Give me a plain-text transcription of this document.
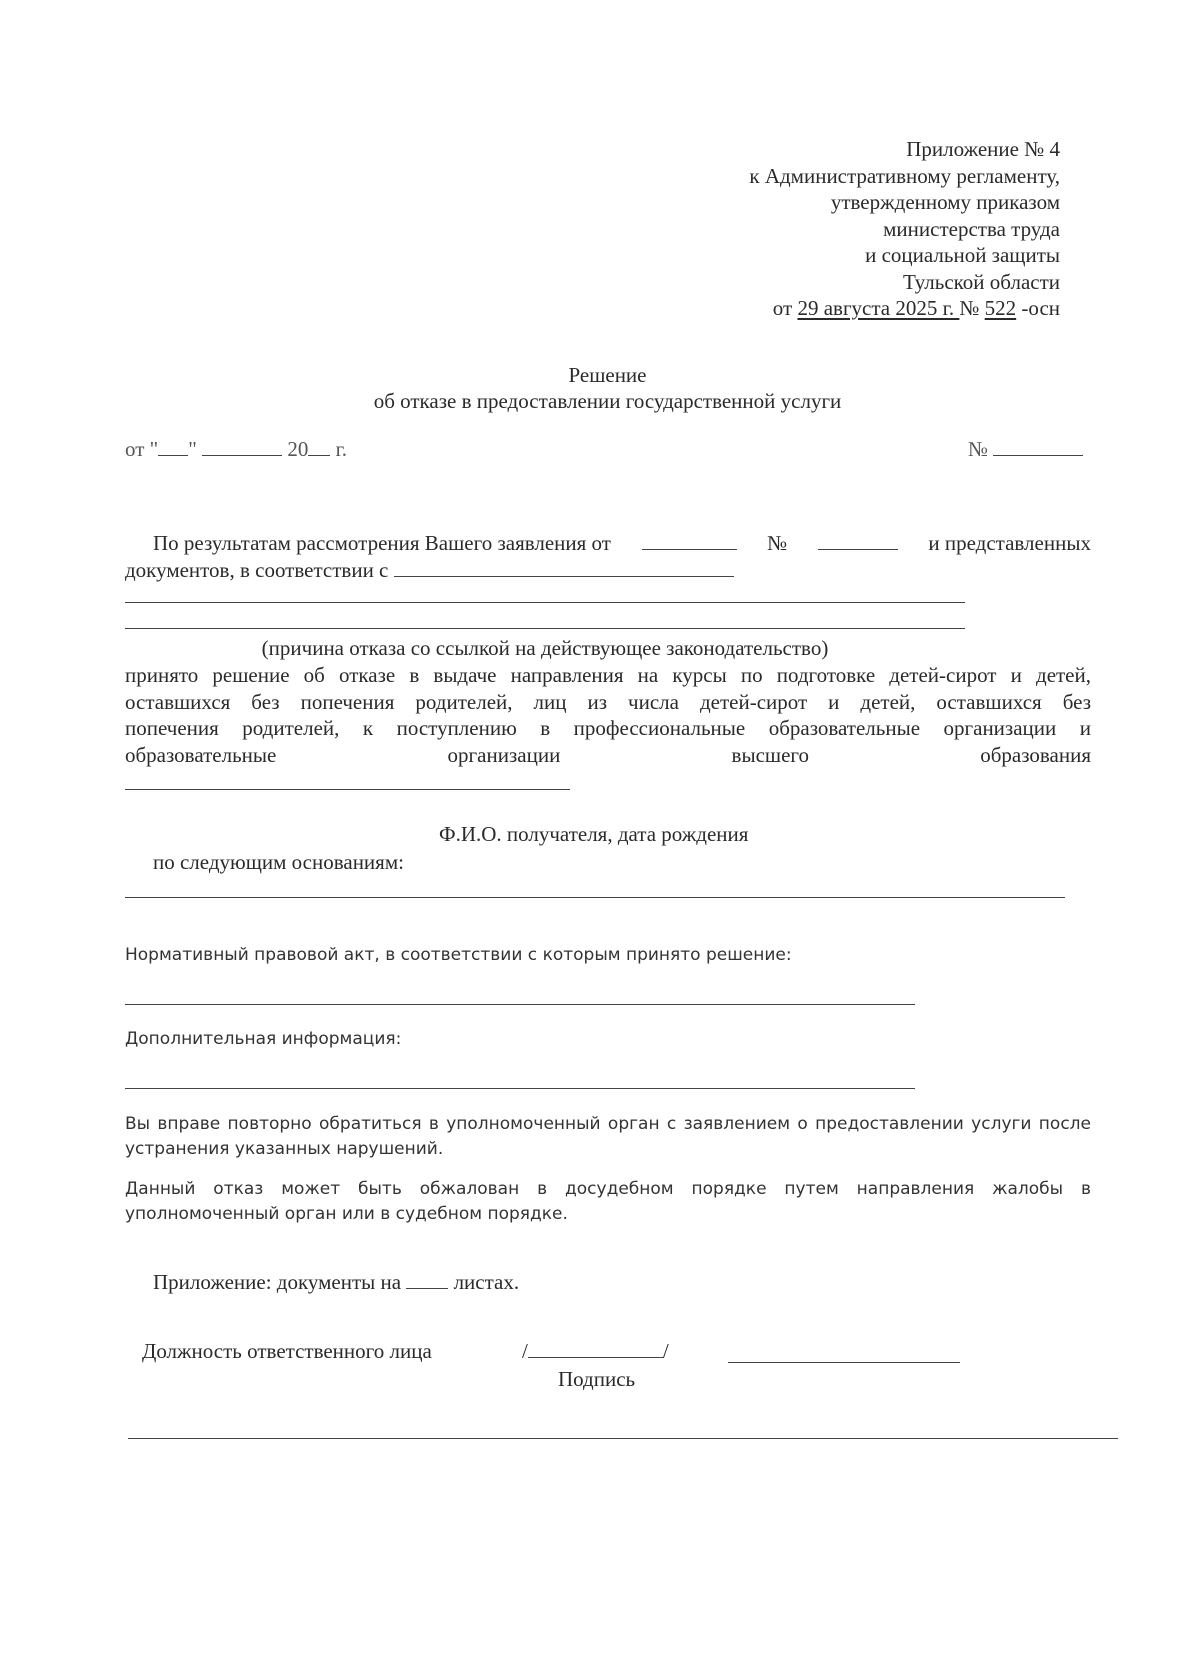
Приложение № 4
к Административному регламенту,
утвержденному приказом
министерства труда
и социальной защиты
Тульской области
от 29 августа 2025 г. № 522 -осн
Решение
об отказе в предоставлении государственной услуги
от " "	20 г.	№
По результатам рассмотрения Вашего заявления от	№	и представленных
документов, в соответствии с
(причина отказа со ссылкой на действующее законодательство)

принято решение об отказе в выдаче направления на курсы по подготовке детей-сирот и детей,

оставшихся без попечения родителей, лиц из числа детей-сирот и детей, оставшихся без

попечения родителей, к поступлению в профессиональные образовательные организации и

образовательные организации высшего образования

Ф.И.О. получателя, дата рождения
по следующим основаниям:
Нормативный правовой акт, в соответствии с которым принято решение:
Дополнительная информация:

Вы вправе повторно обратиться в уполномоченный орган с заявлением о предоставлении услуги после

устранения указанных нарушений.

Данный отказ может быть обжалован в досудебном порядке путем направления жалобы в

уполномоченный орган или в судебном порядке.

Приложение: документы на  листах.
Должность ответственного лица	/	/
Подпись
